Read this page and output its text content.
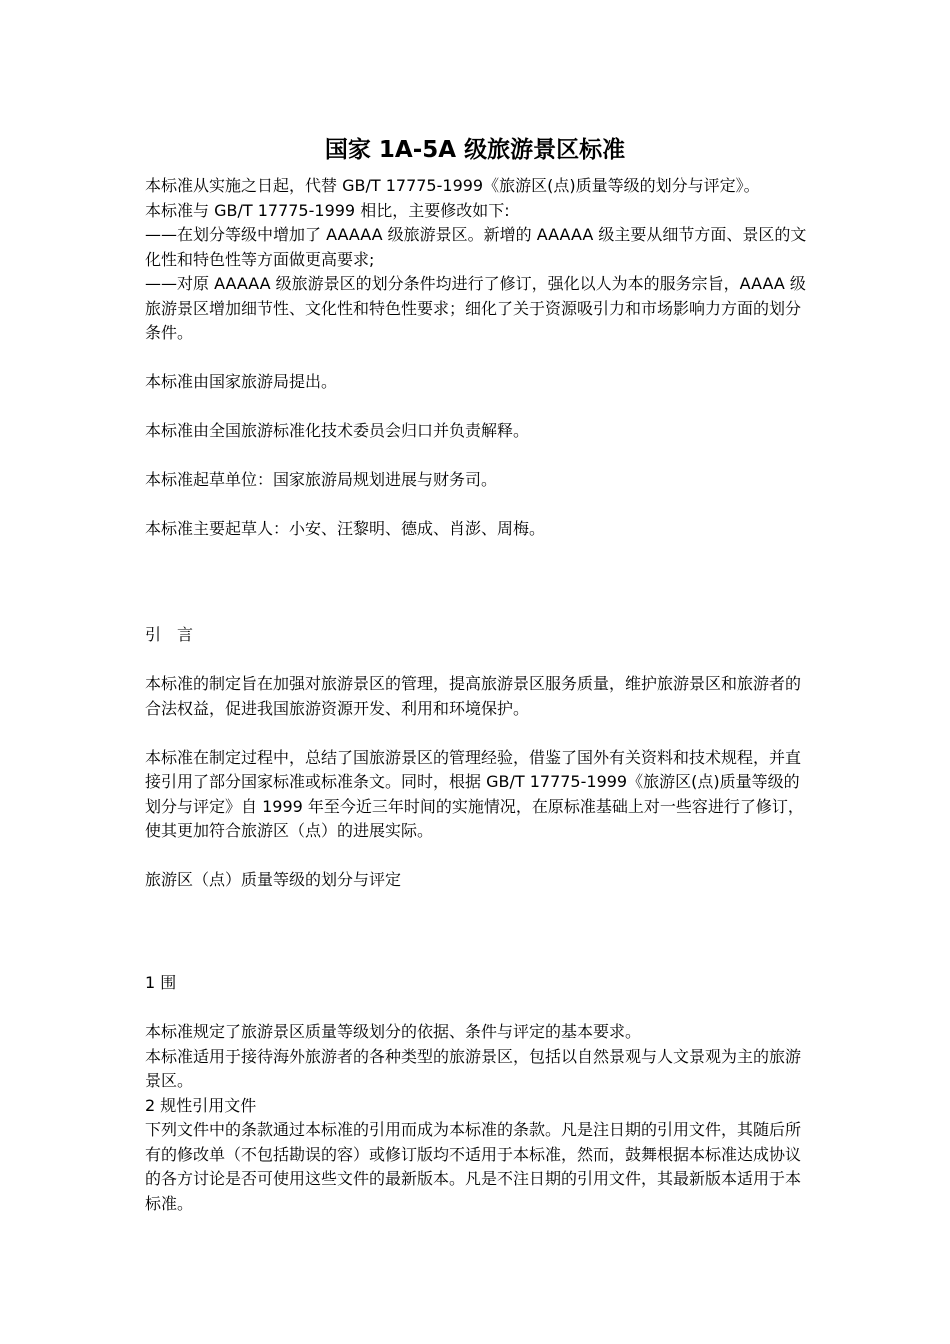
国家 1A-5A 级旅游景区标准
本标准从实施之日起，代替 GB/T 17775-1999《旅游区(点)质量等级的划分与评定》。
本标准与 GB/T 17775-1999 相比，主要修改如下:
——在划分等级中增加了 AAAAA 级旅游景区。新增的 AAAAA 级主要从细节方面、景区的文化性和特色性等方面做更高要求;
——对原 AAAAA 级旅游景区的划分条件均进行了修订，强化以人为本的服务宗旨，AAAA 级旅游景区增加细节性、文化性和特色性要求；细化了关于资源吸引力和市场影响力方面的划分条件。
本标准由国家旅游局提出。
本标准由全国旅游标准化技术委员会归口并负责解释。
本标准起草单位：国家旅游局规划进展与财务司。
本标准主要起草人：小安、汪黎明、德成、肖澎、周梅。
引　言
本标准的制定旨在加强对旅游景区的管理，提高旅游景区服务质量，维护旅游景区和旅游者的合法权益，促进我国旅游资源开发、利用和环境保护。
本标准在制定过程中，总结了国旅游景区的管理经验，借鉴了国外有关资料和技术规程，并直接引用了部分国家标准或标准条文。同时，根据 GB/T 17775-1999《旅游区(点)质量等级的划分与评定》自 1999 年至今近三年时间的实施情况，在原标准基础上对一些容进行了修订，使其更加符合旅游区（点）的进展实际。
旅游区（点）质量等级的划分与评定
1 围
本标准规定了旅游景区质量等级划分的依据、条件与评定的基本要求。
本标准适用于接待海外旅游者的各种类型的旅游景区，包括以自然景观与人文景观为主的旅游景区。
2 规性引用文件
下列文件中的条款通过本标准的引用而成为本标准的条款。凡是注日期的引用文件，其随后所有的修改单（不包括勘误的容）或修订版均不适用于本标准，然而，鼓舞根据本标准达成协议的各方讨论是否可使用这些文件的最新版本。凡是不注日期的引用文件，其最新版本适用于本标准。
